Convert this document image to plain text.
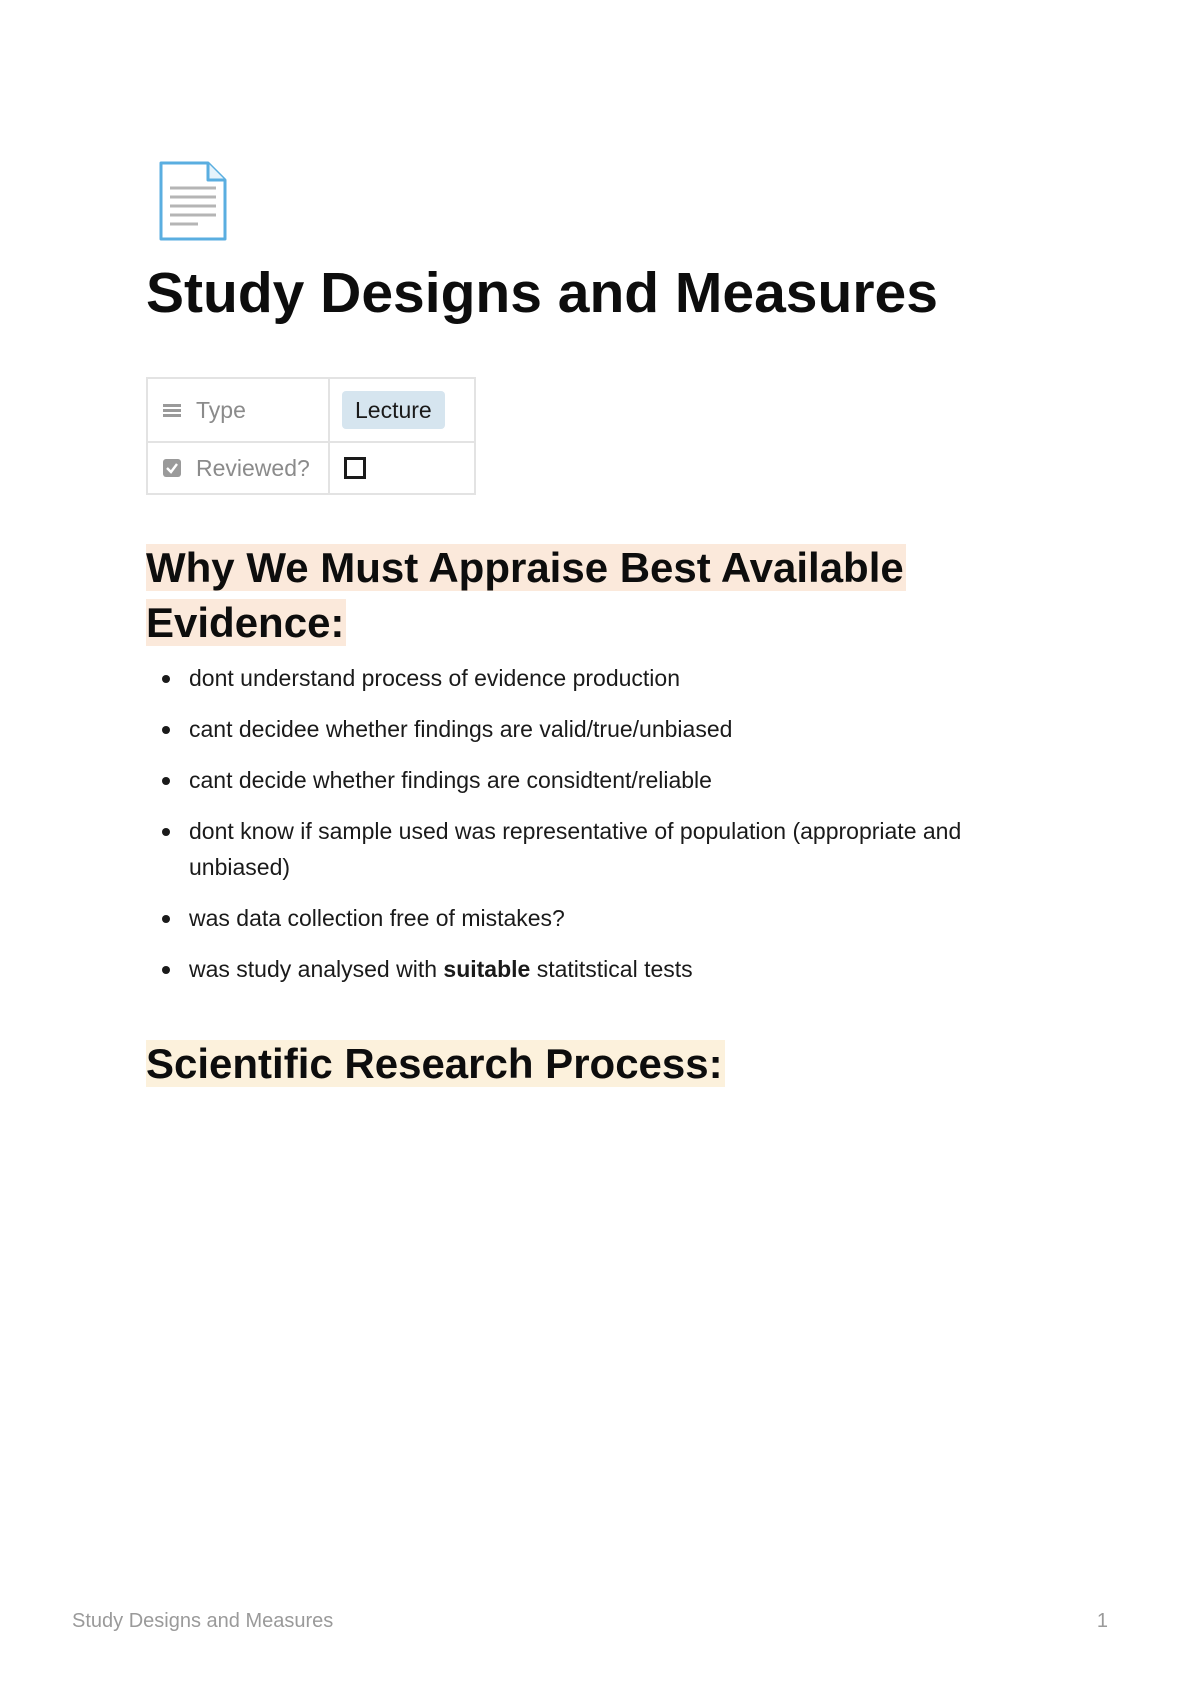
Study Designs and Measures
Type	Lecture

Reviewed?	

Why We Must Appraise Best Available Evidence:
dont understand process of evidence production
cant decidee whether findings are valid/true/unbiased
cant decide whether findings are considtent/reliable
dont know if sample used was representative of population (appropriate and unbiased)
was data collection free of mistakes?
was study analysed with suitable statitstical tests
Scientific Research Process:
Study Designs and Measures	1
